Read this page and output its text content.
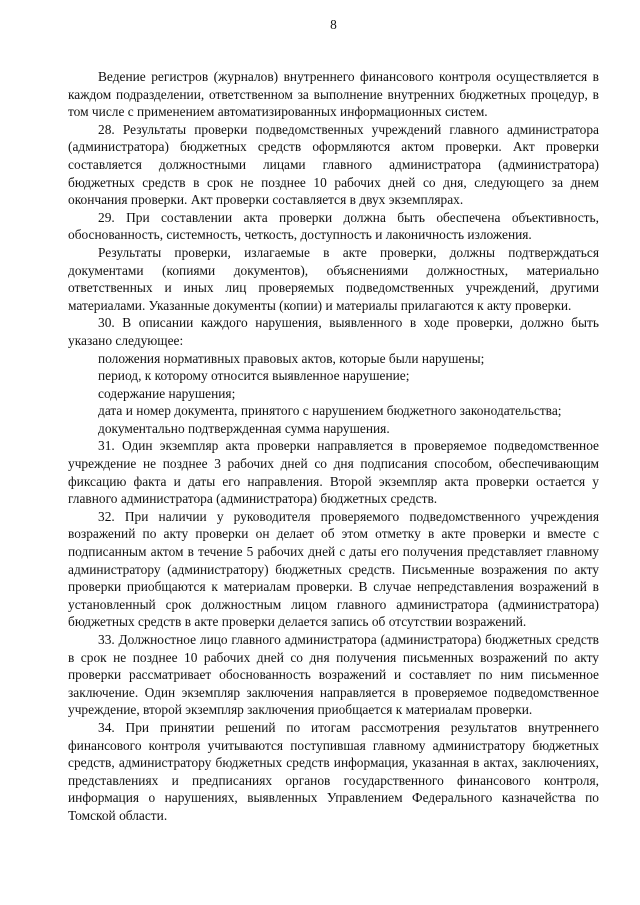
8

Ведение регистров (журналов) внутреннего финансового контроля осуществляется в каждом подразделении, ответственном за выполнение внутренних бюджетных процедур, в том числе с применением автоматизированных информационных систем.

28. Результаты проверки подведомственных учреждений главного администратора (администратора) бюджетных средств оформляются актом проверки. Акт проверки составляется должностными лицами главного администратора (администратора) бюджетных средств в срок не позднее 10 рабочих дней со дня, следующего за днем окончания проверки. Акт проверки составляется в двух экземплярах.

29. При составлении акта проверки должна быть обеспечена объективность, обоснованность, системность, четкость, доступность и лаконичность изложения.

Результаты проверки, излагаемые в акте проверки, должны подтверждаться документами (копиями документов), объяснениями должностных, материально ответственных и иных лиц проверяемых подведомственных учреждений, другими материалами. Указанные документы (копии) и материалы прилагаются к акту проверки.

30. В описании каждого нарушения, выявленного в ходе проверки, должно быть указано следующее:

положения нормативных правовых актов, которые были нарушены;

период, к которому относится выявленное нарушение;

содержание нарушения;

дата и номер документа, принятого с нарушением бюджетного законодательства;

документально подтвержденная сумма нарушения.

31. Один экземпляр акта проверки направляется в проверяемое подведомственное учреждение не позднее 3 рабочих дней со дня подписания способом, обеспечивающим фиксацию факта и даты его направления. Второй экземпляр акта проверки остается у главного администратора (администратора) бюджетных средств.

32. При наличии у руководителя проверяемого подведомственного учреждения возражений по акту проверки он делает об этом отметку в акте проверки и вместе с подписанным актом в течение 5 рабочих дней с даты его получения представляет главному администратору (администратору) бюджетных средств. Письменные возражения по акту проверки приобщаются к материалам проверки. В случае непредставления возражений в установленный срок должностным лицом главного администратора (администратора) бюджетных средств в акте проверки делается запись об отсутствии возражений.

33. Должностное лицо главного администратора (администратора) бюджетных средств в срок не позднее 10 рабочих дней со дня получения письменных возражений по акту проверки рассматривает обоснованность возражений и составляет по ним письменное заключение. Один экземпляр заключения направляется в проверяемое подведомственное учреждение, второй экземпляр заключения приобщается к материалам проверки.

34. При принятии решений по итогам рассмотрения результатов внутреннего финансового контроля учитываются поступившая главному администратору бюджетных средств, администратору бюджетных средств информация, указанная в актах, заключениях, представлениях и предписаниях органов государственного финансового контроля, информация о нарушениях, выявленных Управлением Федерального казначейства по Томской области.
